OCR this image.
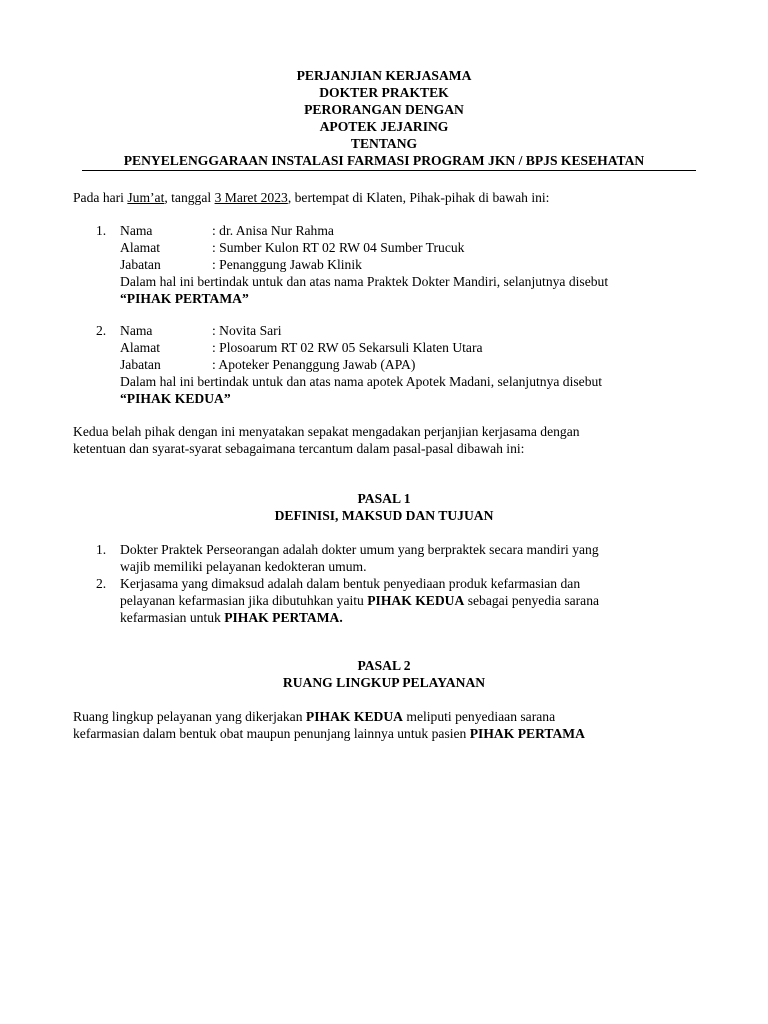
PERJANJIAN KERJASAMA
DOKTER PRAKTEK
PERORANGAN DENGAN
APOTEK JEJARING
TENTANG
PENYELENGGARAAN INSTALASI FARMASI PROGRAM JKN / BPJS KESEHATAN
Pada hari Jum’at, tanggal 3 Maret 2023, bertempat di Klaten, Pihak-pihak di bawah ini:
1. Nama	: dr. Anisa Nur Rahma
Alamat	: Sumber Kulon RT 02 RW 04 Sumber Trucuk
Jabatan	: Penanggung Jawab Klinik
Dalam hal ini bertindak untuk dan atas nama Praktek Dokter Mandiri, selanjutnya disebut
“PIHAK PERTAMA”
2. Nama	: Novita Sari
Alamat	: Plosoarum RT 02 RW 05 Sekarsuli Klaten Utara
Jabatan	: Apoteker Penanggung Jawab (APA)
Dalam hal ini bertindak untuk dan atas nama apotek Apotek Madani, selanjutnya disebut
“PIHAK KEDUA”
Kedua belah pihak dengan ini menyatakan sepakat mengadakan perjanjian kerjasama dengan
ketentuan dan syarat-syarat sebagaimana tercantum dalam pasal-pasal dibawah ini:
PASAL 1
DEFINISI, MAKSUD DAN TUJUAN
1. Dokter Praktek Perseorangan adalah dokter umum yang berpraktek secara mandiri yang
wajib memiliki pelayanan kedokteran umum.
2. Kerjasama yang dimaksud adalah dalam bentuk penyediaan produk kefarmasian dan
pelayanan kefarmasian jika dibutuhkan yaitu PIHAK KEDUA sebagai penyedia sarana
kefarmasian untuk PIHAK PERTAMA.
PASAL 2
RUANG LINGKUP PELAYANAN
Ruang lingkup pelayanan yang dikerjakan PIHAK KEDUA meliputi penyediaan sarana
kefarmasian dalam bentuk obat maupun penunjang lainnya untuk pasien PIHAK PERTAMA
